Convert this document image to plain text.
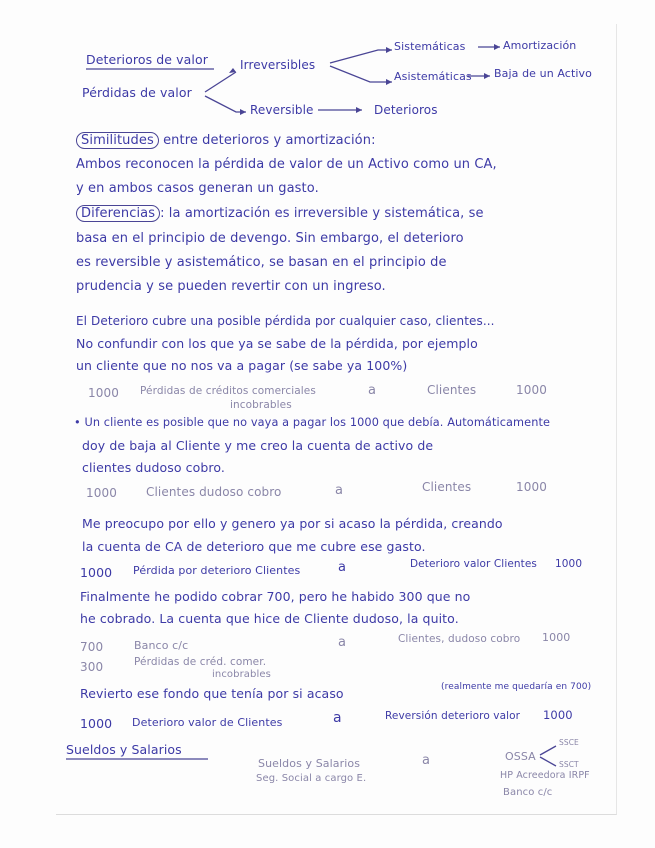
Deterioros de valor
Pérdidas de valor
Irreversibles
Reversible
Sistemáticas
Asistemáticas
Amortización
Baja de un Activo
Deterioros
Similitudes entre deterioros y amortización:
Ambos reconocen la pérdida de valor de un Activo como un CA,
y en ambos casos generan un gasto.
Diferencias : la amortización es irreversible y sistemática, se
basa en el principio de devengo. Sin embargo, el deterioro
es reversible y asistemático, se basan en el principio de
prudencia y se pueden revertir con un ingreso.
El Deterioro cubre una posible pérdida por cualquier caso, clientes...
No confundir con los que ya se sabe de la pérdida, por ejemplo
un cliente que no nos va a pagar (se sabe ya 100%)
1000 Pérdidas de créditos comerciales
incobrables
a	Clientes	1000
• Un cliente es posible que no vaya a pagar los 1000 que debía. Automáticamente
doy de baja al Cliente y me creo la cuenta de activo de
clientes dudoso cobro.
1000 Clientes dudoso cobro	a	Clientes	1000
Me preocupo por ello y genero ya por si acaso la pérdida, creando
la cuenta de CA de deterioro que me cubre ese gasto.
1000 Pérdida por deterioro Clientes	a	Deterioro valor Clientes 1000
Finalmente he podido cobrar 700, pero he habido 300 que no
he cobrado. La cuenta que hice de Cliente dudoso, la quito.
700	Banco c/c
300	Pérdidas de créd. comer.
incobrables
a	Clientes, dudoso cobro 1000
Revierto ese fondo que tenía por si acaso	(realmente me quedaría en 700)
1000 Deterioro valor de Clientes	a	Reversión deterioro valor 1000
Sueldos y Salarios
Sueldos y Salarios
Seg. Social a cargo E.
a	OSSA
SSCE
SSCT
HP Acreedora IRPF
Banco c/c
